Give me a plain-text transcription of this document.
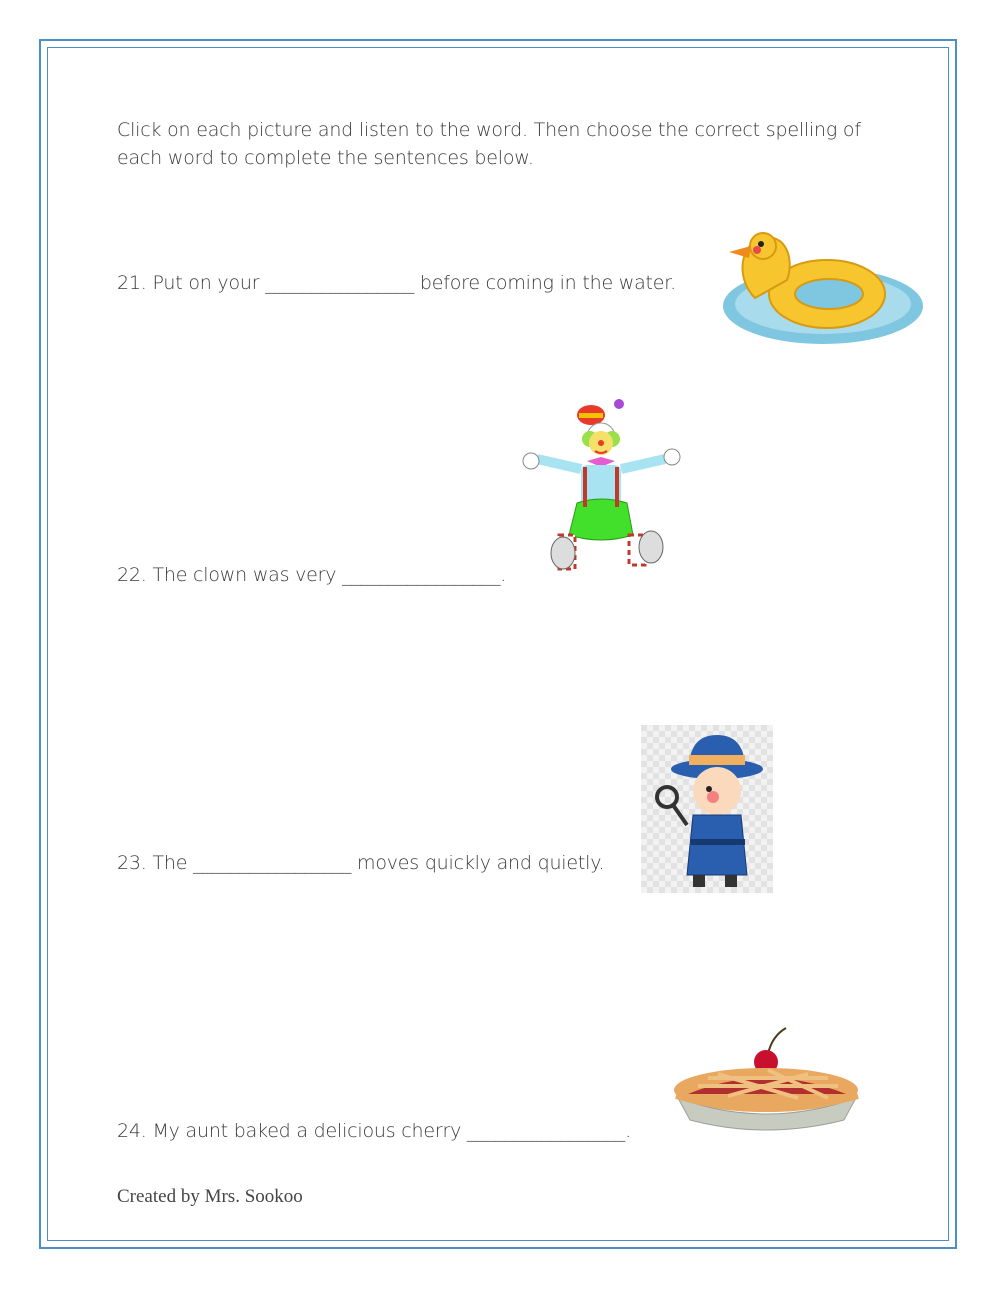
Click on each picture and listen to the word. Then choose the correct spelling of each word to complete the sentences below.
21. Put on your ________________ before coming in the water.
22. The clown was very _________________.
23. The _________________ moves quickly and quietly.
24. My aunt baked a delicious cherry _________________.
Created by Mrs. Sookoo
